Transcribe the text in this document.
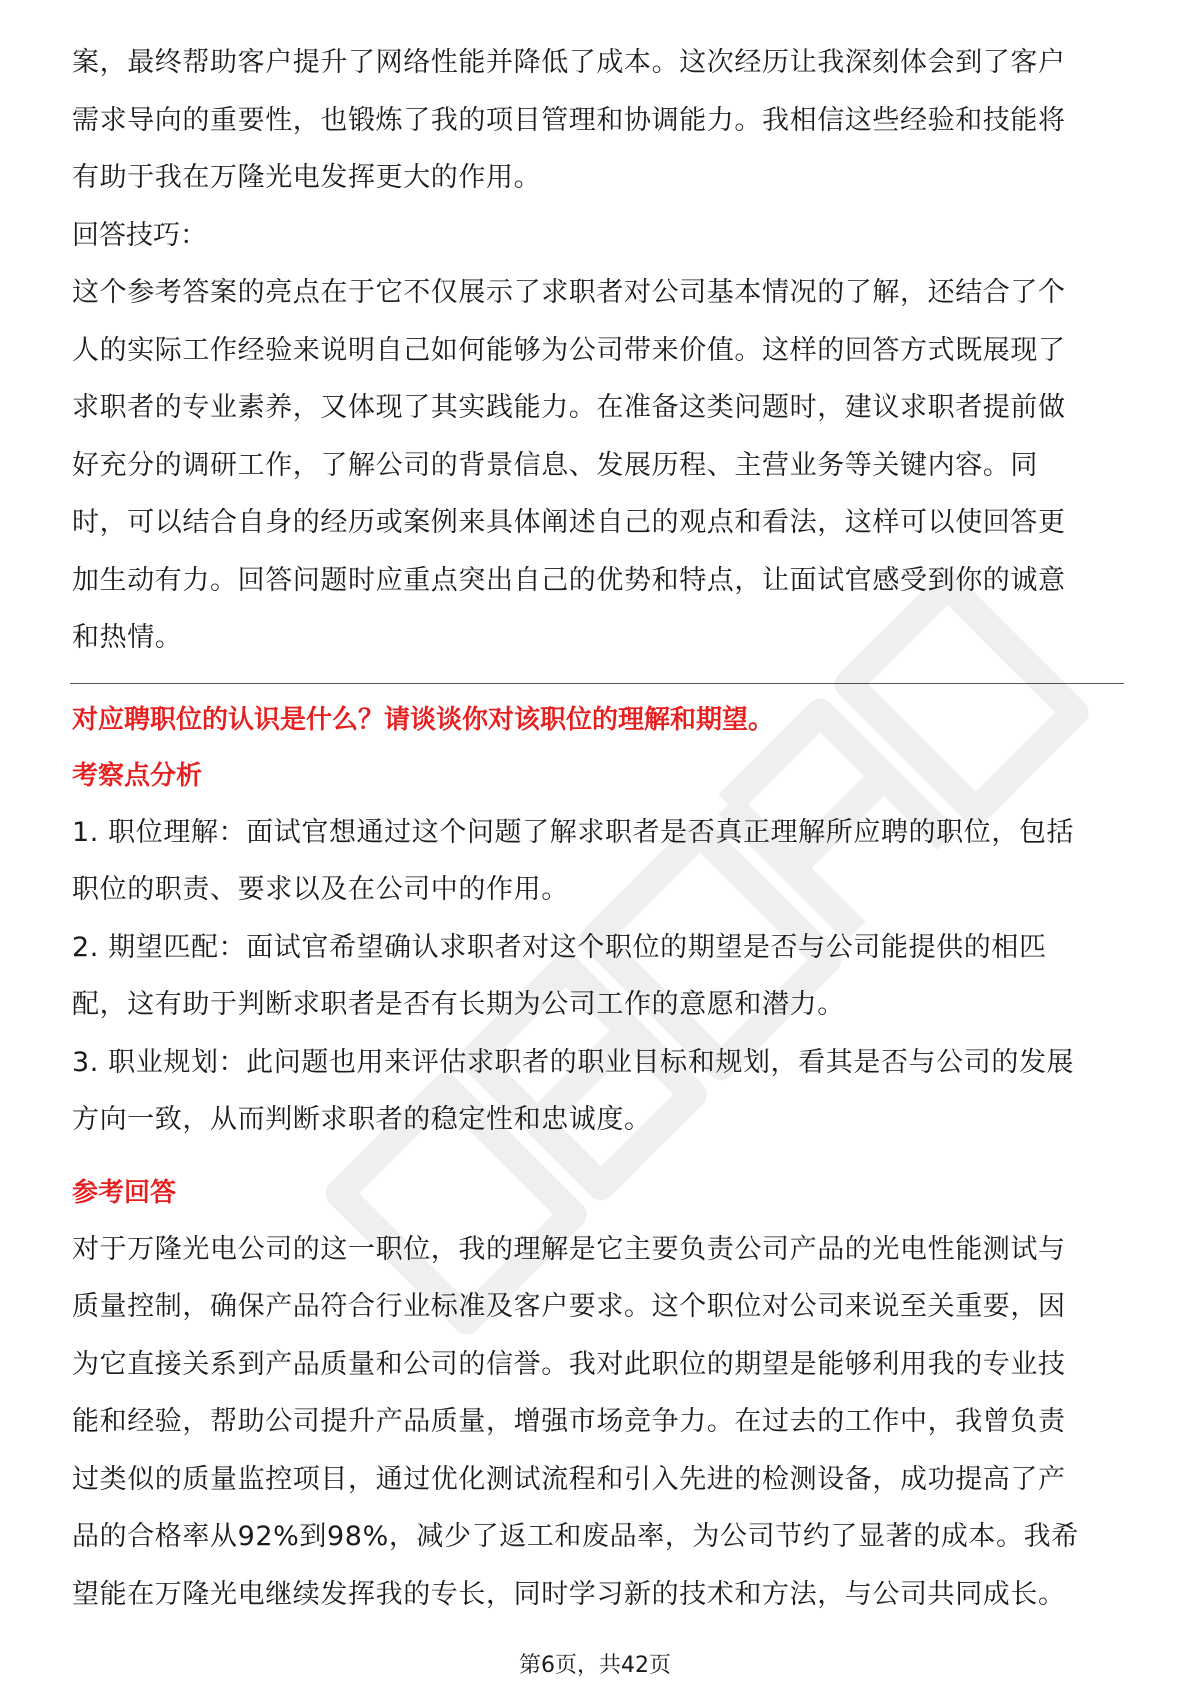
案，最终帮助客户提升了网络性能并降低了成本。这次经历让我深刻体会到了客户

需求导向的重要性，也锻炼了我的项目管理和协调能力。我相信这些经验和技能将

有助于我在万隆光电发挥更大的作用。

回答技巧：

这个参考答案的亮点在于它不仅展示了求职者对公司基本情况的了解，还结合了个

人的实际工作经验来说明自己如何能够为公司带来价值。这样的回答方式既展现了

求职者的专业素养，又体现了其实践能力。在准备这类问题时，建议求职者提前做

好充分的调研工作，了解公司的背景信息、发展历程、主营业务等关键内容。同

时，可以结合自身的经历或案例来具体阐述自己的观点和看法，这样可以使回答更

加生动有力。回答问题时应重点突出自己的优势和特点，让面试官感受到你的诚意

和热情。

对应聘职位的认识是什么？请谈谈你对该职位的理解和期望。

考察点分析

1. 职位理解：面试官想通过这个问题了解求职者是否真正理解所应聘的职位，包括

职位的职责、要求以及在公司中的作用。

2. 期望匹配：面试官希望确认求职者对这个职位的期望是否与公司能提供的相匹

配，这有助于判断求职者是否有长期为公司工作的意愿和潜力。

3. 职业规划：此问题也用来评估求职者的职业目标和规划，看其是否与公司的发展

方向一致，从而判断求职者的稳定性和忠诚度。

参考回答

对于万隆光电公司的这一职位，我的理解是它主要负责公司产品的光电性能测试与

质量控制，确保产品符合行业标准及客户要求。这个职位对公司来说至关重要，因

为它直接关系到产品质量和公司的信誉。我对此职位的期望是能够利用我的专业技

能和经验，帮助公司提升产品质量，增强市场竞争力。在过去的工作中，我曾负责

过类似的质量监控项目，通过优化测试流程和引入先进的检测设备，成功提高了产

品的合格率从92%到98%，减少了返工和废品率，为公司节约了显著的成本。我希

望能在万隆光电继续发挥我的专长，同时学习新的技术和方法，与公司共同成长。

第6页，共42页
